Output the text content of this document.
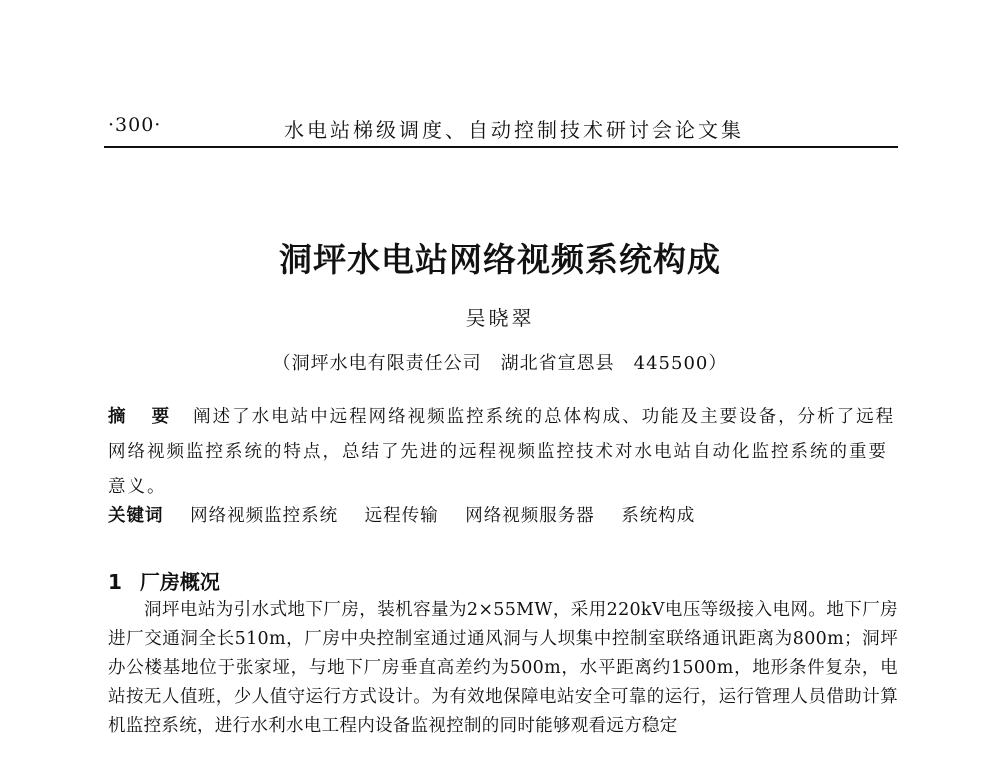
·300·	水电站梯级调度、自动控制技术研讨会论文集
洞坪水电站网络视频系统构成
吴晓翠
（洞坪水电有限责任公司　湖北省宣恩县　445500）
摘 要 阐述了水电站中远程网络视频监控系统的总体构成、功能及主要设备，分析了远程网络视频监控系统的特点，总结了先进的远程视频监控技术对水电站自动化监控系统的重要意义。
关键词 网络视频监控系统 远程传输 网络视频服务器 系统构成
1 厂房概况
洞坪电站为引水式地下厂房，装机容量为2×55MW，采用220kV电压等级接入电网。地下厂房进厂交通洞全长510m，厂房中央控制室通过通风洞与人坝集中控制室联络通讯距离为800m；洞坪办公楼基地位于张家垭，与地下厂房垂直高差约为500m，水平距离约1500m，地形条件复杂，电站按无人值班，少人值守运行方式设计。为有效地保障电站安全可靠的运行，运行管理人员借助计算机监控系统，进行水利水电工程内设备监视控制的同时能够观看远方稳定
